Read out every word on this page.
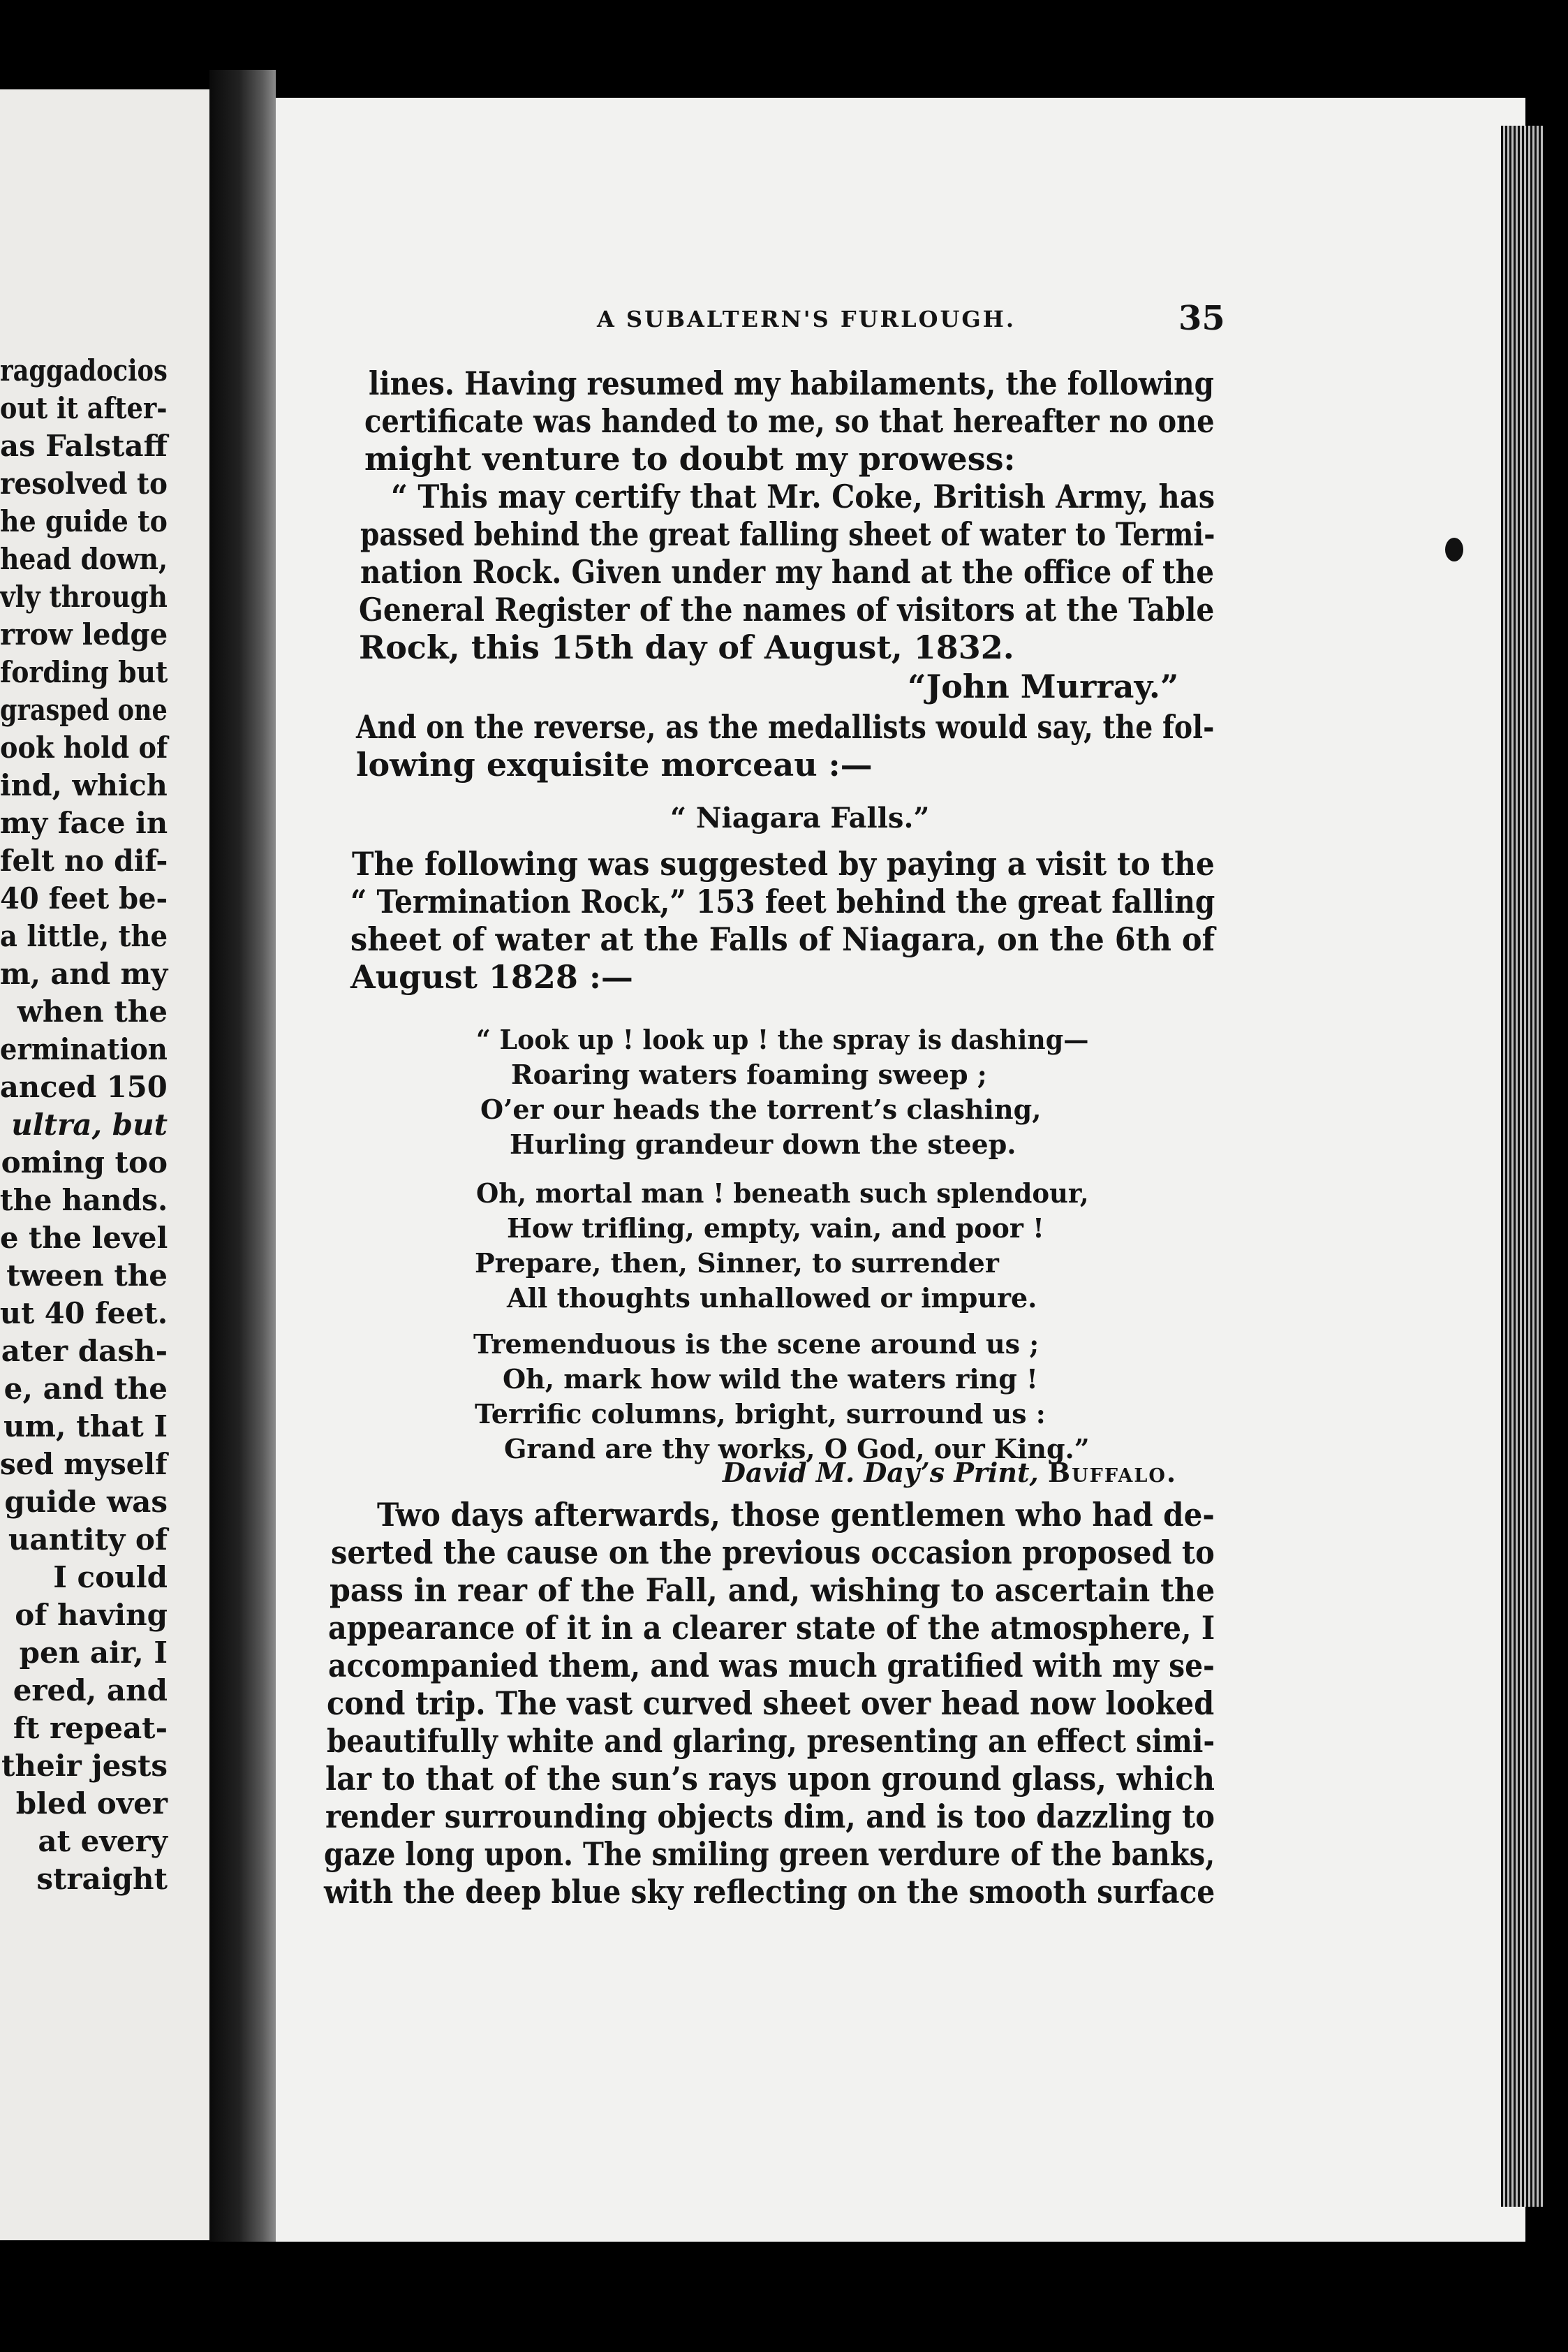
raggadocios
out it after-
as Falstaff
resolved to
he guide to
head down,
vly through
rrow ledge
fording but
grasped one
ook hold of
ind, which
my face in
felt no dif-
40 feet be-
a little, the
m, and my
when the
ermination
anced 150
ultra, but
oming too
the hands.
e the level
tween the
ut 40 feet.
ater dash-
e, and the
um, that I
sed myself
guide was
uantity of
I could
of having
pen air, I
ered, and
ft repeat-
their jests
bled over
at every
straight
A SUBALTERN'S FURLOUGH.	35
lines. Having resumed my habilaments, the following
certificate was handed to me, so that hereafter no one
might venture to doubt my prowess:
“ This may certify that Mr. Coke, British Army, has
passed behind the great falling sheet of water to Termi-
nation Rock. Given under my hand at the office of the
General Register of the names of visitors at the Table
Rock, this 15th day of August, 1832.
“John Murray.”
And on the reverse, as the medallists would say, the fol-
lowing exquisite morceau :—
“ Niagara Falls.”
The following was suggested by paying a visit to the
“ Termination Rock,” 153 feet behind the great falling
sheet of water at the Falls of Niagara, on the 6th of
August 1828 :—
“ Look up ! look up ! the spray is dashing—
Roaring waters foaming sweep ;
O’er our heads the torrent’s clashing,
Hurling grandeur down the steep.
Oh, mortal man ! beneath such splendour,
How trifling, empty, vain, and poor !
Prepare, then, Sinner, to surrender
All thoughts unhallowed or impure.
Tremenduous is the scene around us ;
Oh, mark how wild the waters ring !
Terrific columns, bright, surround us :
Grand are thy works, O God, our King.”
David M. Day’s Print, Buffalo.
Two days afterwards, those gentlemen who had de-
serted the cause on the previous occasion proposed to
pass in rear of the Fall, and, wishing to ascertain the
appearance of it in a clearer state of the atmosphere, I
accompanied them, and was much gratified with my se-
cond trip. The vast curved sheet over head now looked
beautifully white and glaring, presenting an effect simi-
lar to that of the sun’s rays upon ground glass, which
render surrounding objects dim, and is too dazzling to
gaze long upon. The smiling green verdure of the banks,
with the deep blue sky reflecting on the smooth surface
